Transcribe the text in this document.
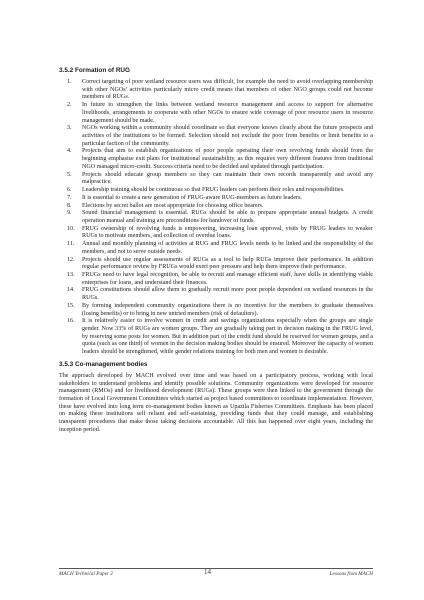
3.5.2 Formation of RUG
1.	Correct targeting of poor wetland resource users was difficult, for example the need to avoid overlapping membership with other NGOs’ activities particularly micro credit means that members of other NGO groups could not become members of RUGs.
2.	In future to strengthen the links between wetland resource management and access to support for alternative livelihoods, arrangements to cooperate with other NGOs to ensure wide coverage of poor resource users in resource management should be made.
3.	NGOs working within a community should coordinate so that everyone knows clearly about the future prospects and activities of the institutions to be formed. Selection should not exclude the poor from benefits or limit benefits to a particular faction of the community.
4.	Projects that aim to establish organizations of poor people operating their own revolving funds should from the beginning emphasise exit plans for institutional sustainability, as this requires very different features from traditional NGO managed micro-credit. Success criteria need to be decided and updated through participation.
5.	Projects should educate group members so they can maintain their own records transparently and avoid any malpractice.
6.	Leadership training should be continuous so that FRUG leaders can perform their roles and responsibilities.
7.	It is essential to create a new generation of FRUG-aware RUG-members as future leaders.
8.	Elections by secret ballot are most appropriate for choosing office bearers.
9.	Sound financial management is essential. RUGs should be able to prepare appropriate annual budgets. A credit operation manual and training are preconditions for handover of funds.
10.	FRUG ownership of revolving funds is empowering, increasing loan approval, visits by FRUG leaders to weaker RUGs to motivate members, and collection of overdue loans.
11.	Annual and monthly planning of activities at RUG and FRUG levels needs to be linked and the responsibility of the members, and not to serve outside needs.
12.	Projects should use regular assessments of RUGs as a tool to help RUGs improve their performance. In addition regular performance review by FRUGs would exert peer pressure and help them improve their performance.
13.	FRUGs need to have legal recognition, be able to recruit and manage efficient staff, have skills in identifying viable enterprises for loans, and understand their finances.
14.	FRUG constitutions should allow them to gradually recruit more poor people dependent on wetland resources in the RUGs.
15.	By forming independent community organizations there is no incentive for the members to graduate themselves (losing benefits) or to bring in new untried members (risk of defaulters).
16.	It is relatively easier to involve women in credit and savings organizations especially when the groups are single gender. Now 33% of RUGs are women groups. They are gradually taking part in decision making in the FRUG level, by reserving some posts for women. But in addition part of the credit fund should be reserved for women groups, and a quota (such as one third) of women in the decision making bodies should be ensured. Moreover the capacity of women leaders should be strengthened, while gender relations training for both men and women is desirable.
3.5.3 Co-management bodies

The approach developed by MACH evolved over time and was based on a participatory process, working with local stakeholders to understand problems and identify possible solutions. Community organizations were developed for resource management (RMOs) and for livelihood development (RUGs). These groups were then linked to the government through the formation of Local Government Committees which started as project based committees to coordinate implementation. However, these have evolved into long term co-management bodies known as Upazila Fisheries Committees. Emphasis has been placed on making these institutions self reliant and self-sustaining, providing funds that they could manage, and establishing transparent procedures that make those taking decisions accountable. All this has happened over eight years, including the inception period.

MACH Technical Paper 2	14	Lessons from MACH
